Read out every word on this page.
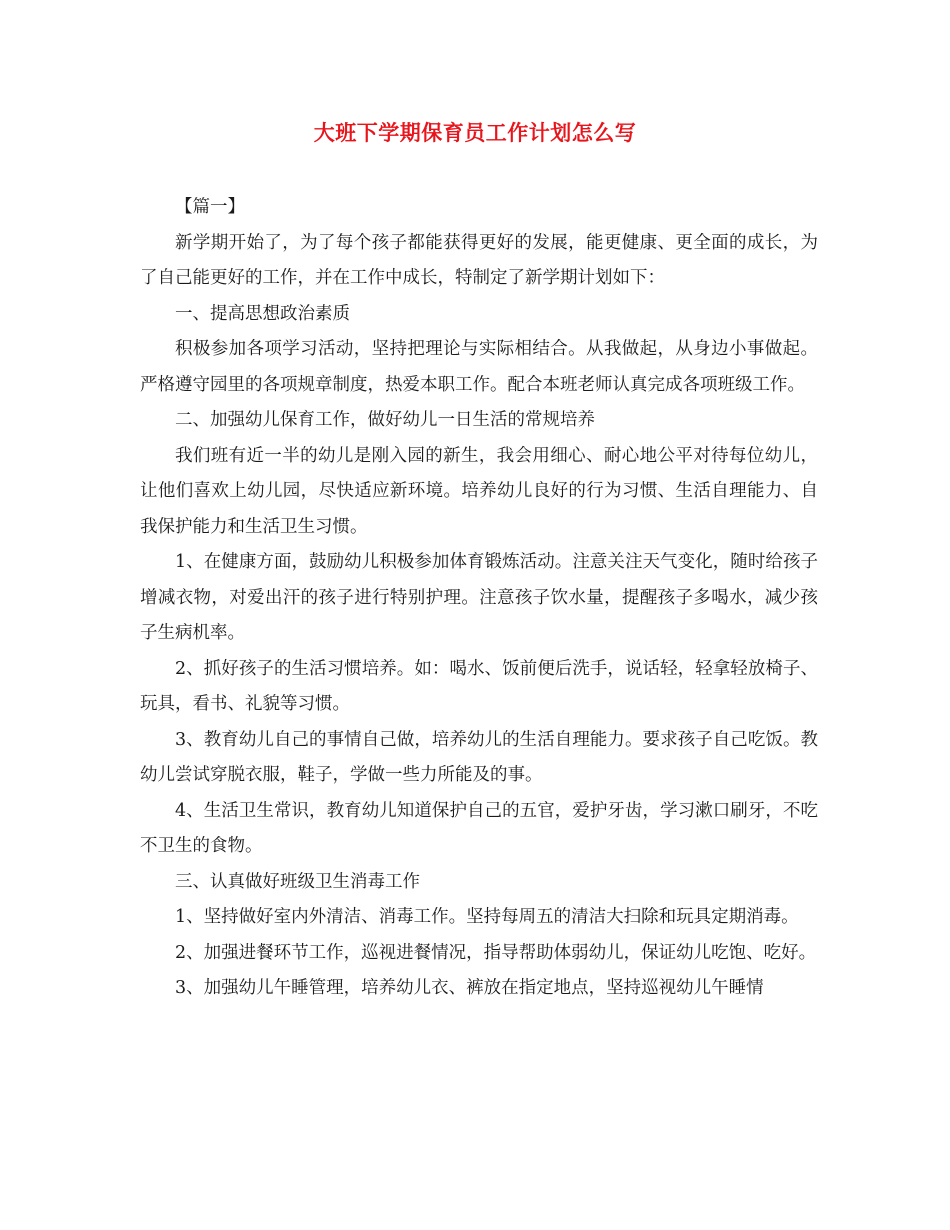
大班下学期保育员工作计划怎么写

【篇一】

新学期开始了，为了每个孩子都能获得更好的发展，能更健康、更全面的成长，为了自己能更好的工作，并在工作中成长，特制定了新学期计划如下：

一、提高思想政治素质

积极参加各项学习活动，坚持把理论与实际相结合。从我做起，从身边小事做起。严格遵守园里的各项规章制度，热爱本职工作。配合本班老师认真完成各项班级工作。

二、加强幼儿保育工作，做好幼儿一日生活的常规培养

我们班有近一半的幼儿是刚入园的新生，我会用细心、耐心地公平对待每位幼儿，让他们喜欢上幼儿园，尽快适应新环境。培养幼儿良好的行为习惯、生活自理能力、自我保护能力和生活卫生习惯。

1、在健康方面，鼓励幼儿积极参加体育锻炼活动。注意关注天气变化，随时给孩子增减衣物，对爱出汗的孩子进行特别护理。注意孩子饮水量，提醒孩子多喝水，减少孩子生病机率。

2、抓好孩子的生活习惯培养。如：喝水、饭前便后洗手，说话轻，轻拿轻放椅子、玩具，看书、礼貌等习惯。

3、教育幼儿自己的事情自己做，培养幼儿的生活自理能力。要求孩子自己吃饭。教幼儿尝试穿脱衣服，鞋子，学做一些力所能及的事。

4、生活卫生常识，教育幼儿知道保护自己的五官，爱护牙齿，学习漱口刷牙，不吃不卫生的食物。

三、认真做好班级卫生消毒工作

1、坚持做好室内外清洁、消毒工作。坚持每周五的清洁大扫除和玩具定期消毒。

2、加强进餐环节工作，巡视进餐情况，指导帮助体弱幼儿，保证幼儿吃饱、吃好。

3、加强幼儿午睡管理，培养幼儿衣、裤放在指定地点，坚持巡视幼儿午睡情
